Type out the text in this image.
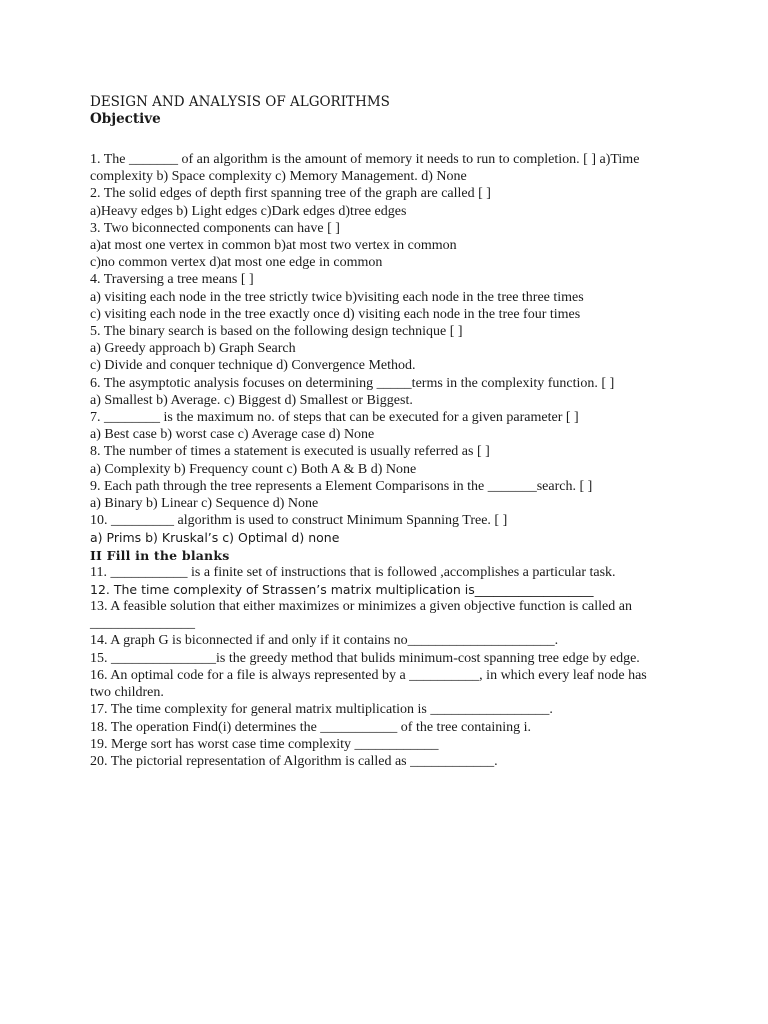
DESIGN AND ANALYSIS OF ALGORITHMS

Objective

1. The _______ of an algorithm is the amount of memory it needs to run to completion. [ ] a)Time

complexity b) Space complexity c) Memory Management. d) None

2. The solid edges of depth first spanning tree of the graph are called [ ]

a)Heavy edges b) Light edges c)Dark edges d)tree edges

3. Two biconnected components can have [ ]

a)at most one vertex in common b)at most two vertex in common

c)no common vertex d)at most one edge in common

4. Traversing a tree means [ ]

a) visiting each node in the tree strictly twice b)visiting each node in the tree three times

c) visiting each node in the tree exactly once d) visiting each node in the tree four times

5. The binary search is based on the following design technique [ ]

a) Greedy approach b) Graph Search

c) Divide and conquer technique d) Convergence Method.

6. The asymptotic analysis focuses on determining _____terms in the complexity function. [ ]

a) Smallest b) Average. c) Biggest d) Smallest or Biggest.

7. ________ is the maximum no. of steps that can be executed for a given parameter [ ]

a) Best case b) worst case c) Average case d) None

8. The number of times a statement is executed is usually referred as [ ]

a) Complexity b) Frequency count c) Both A & B d) None

9. Each path through the tree represents a Element Comparisons in the _______search. [ ]

a) Binary b) Linear c) Sequence d) None

10. _________ algorithm is used to construct Minimum Spanning Tree. [ ]

a) Prims b) Kruskal’s c) Optimal d) none

II Fill in the blanks

11. ___________ is a finite set of instructions that is followed ,accomplishes a particular task.

12. The time complexity of Strassen’s matrix multiplication is___________________

13. A feasible solution that either maximizes or minimizes a given objective function is called an

_______________

14. A graph G is biconnected if and only if it contains no_____________________.

15. _______________is the greedy method that bulids minimum-cost spanning tree edge by edge.

16. An optimal code for a file is always represented by a __________, in which every leaf node has

two children.

17. The time complexity for general matrix multiplication is _________________.

18. The operation Find(i) determines the ___________ of the tree containing i.

19. Merge sort has worst case time complexity ____________

20. The pictorial representation of Algorithm is called as ____________.
